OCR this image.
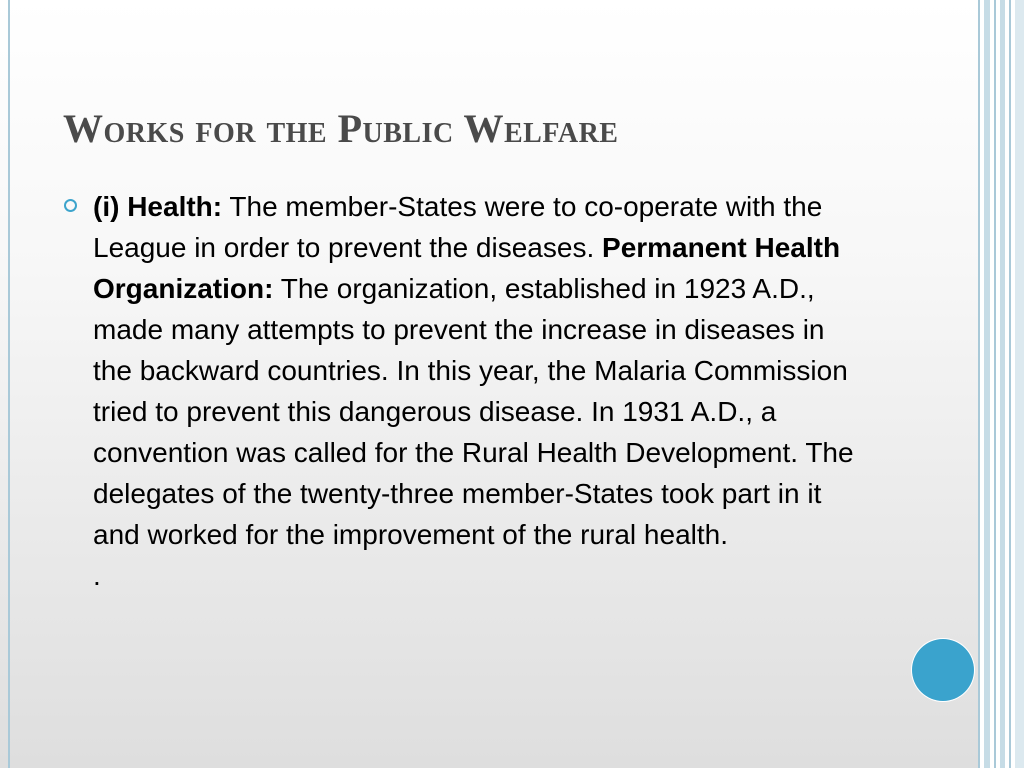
Works for the Public Welfare

(i) Health: The member-States were to co-operate with the League in order to prevent the diseases. Permanent Health Organization: The organization, established in 1923 A.D., made many attempts to prevent the increase in diseases in the backward countries. In this year, the Malaria Commission tried to prevent this dangerous disease. In 1931 A.D., a convention was called for the Rural Health Development. The delegates of the twenty-three member-States took part in it and worked for the improvement of the rural health.

.
